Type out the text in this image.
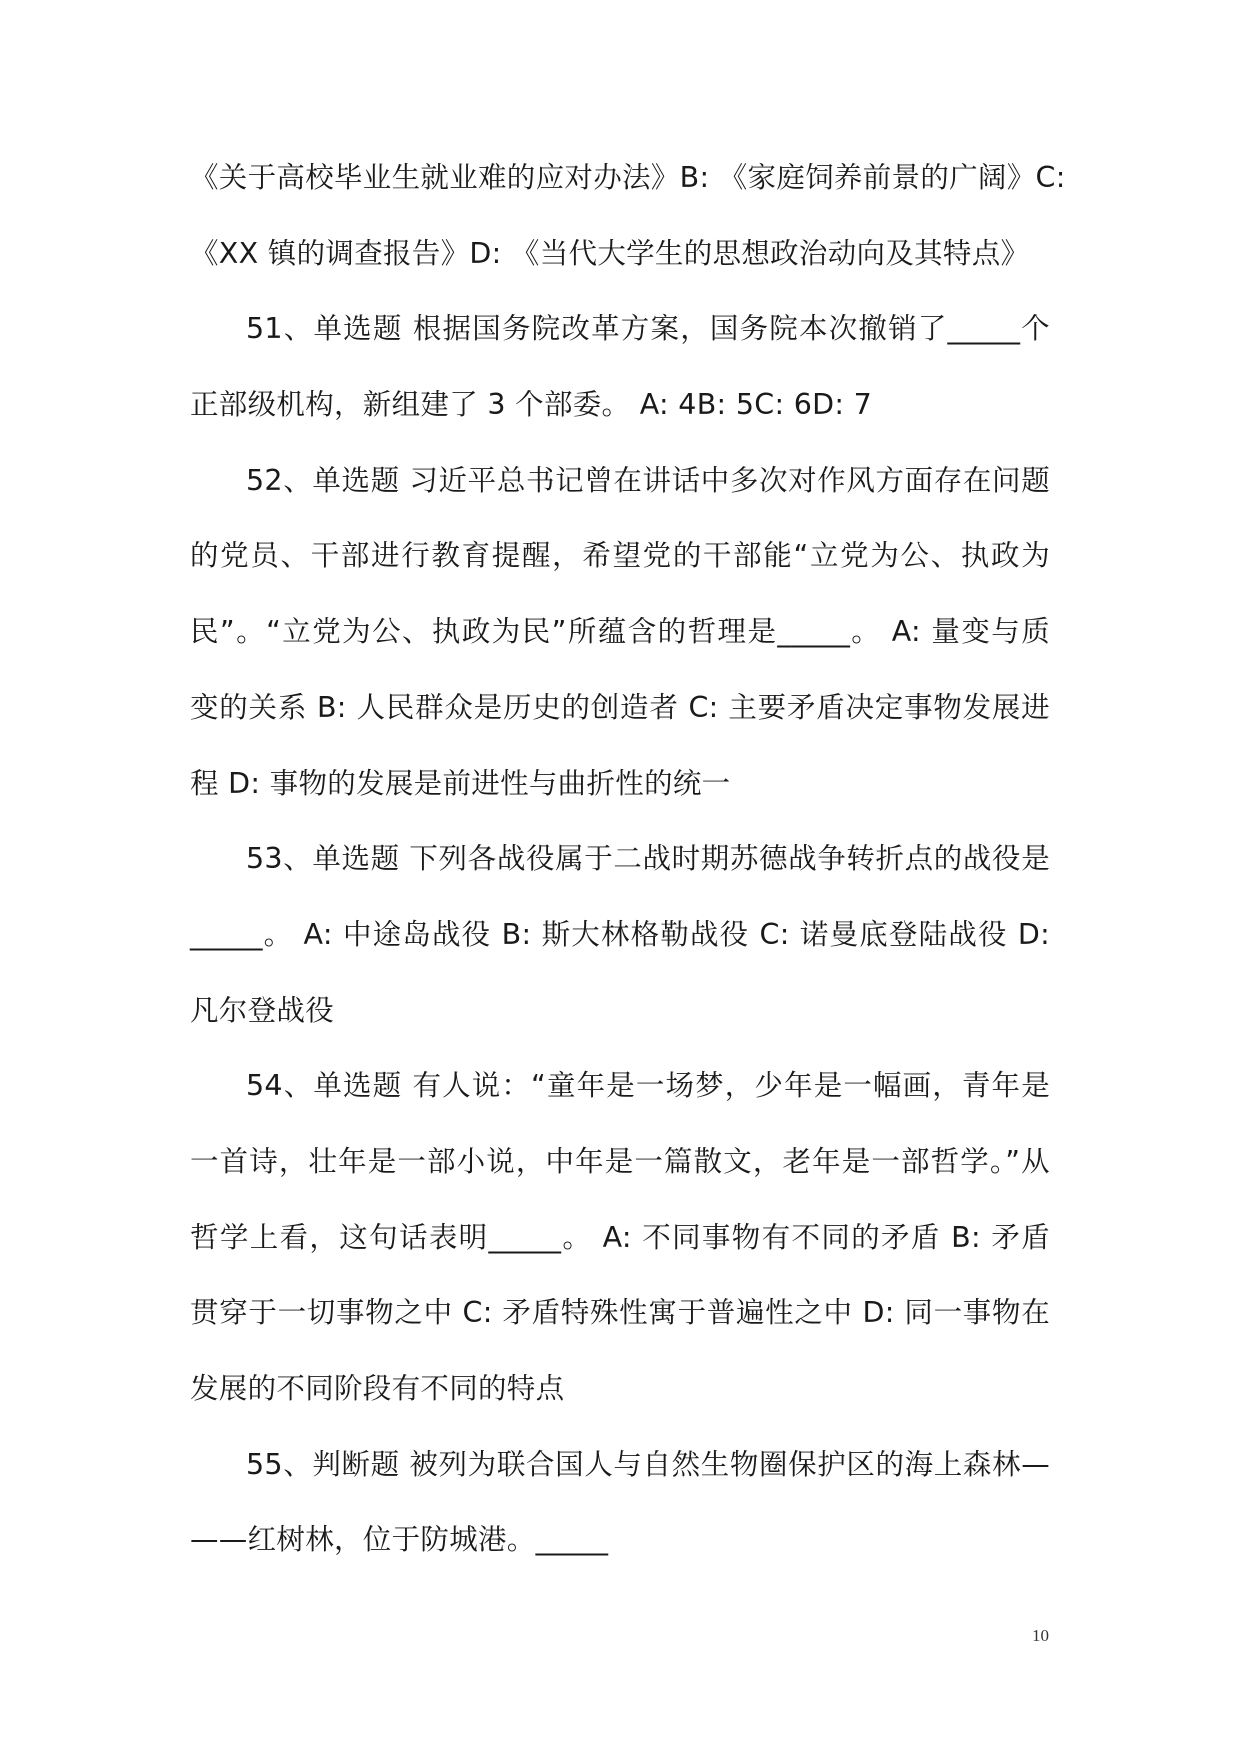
《关于高校毕业生就业难的应对办法》B: 《家庭饲养前景的广阔》C:
《XX 镇的调查报告》D: 《当代大学生的思想政治动向及其特点》
51、单选题 根据国务院改革方案，国务院本次撤销了_____个
正部级机构，新组建了 3 个部委。 A: 4B: 5C: 6D: 7
52、单选题 习近平总书记曾在讲话中多次对作风方面存在问题
的党员、干部进行教育提醒，希望党的干部能“立党为公、执政为
民”。“立党为公、执政为民”所蕴含的哲理是_____。 A: 量变与质
变的关系 B: 人民群众是历史的创造者 C: 主要矛盾决定事物发展进
程 D: 事物的发展是前进性与曲折性的统一
53、单选题 下列各战役属于二战时期苏德战争转折点的战役是
_____。 A: 中途岛战役 B: 斯大林格勒战役 C: 诺曼底登陆战役 D:
凡尔登战役
54、单选题 有人说：“童年是一场梦，少年是一幅画，青年是
一首诗，壮年是一部小说，中年是一篇散文，老年是一部哲学。”从
哲学上看，这句话表明_____。 A: 不同事物有不同的矛盾 B: 矛盾
贯穿于一切事物之中 C: 矛盾特殊性寓于普遍性之中 D: 同一事物在
发展的不同阶段有不同的特点
55、判断题 被列为联合国人与自然生物圈保护区的海上森林—
——红树林，位于防城港。_____
10
